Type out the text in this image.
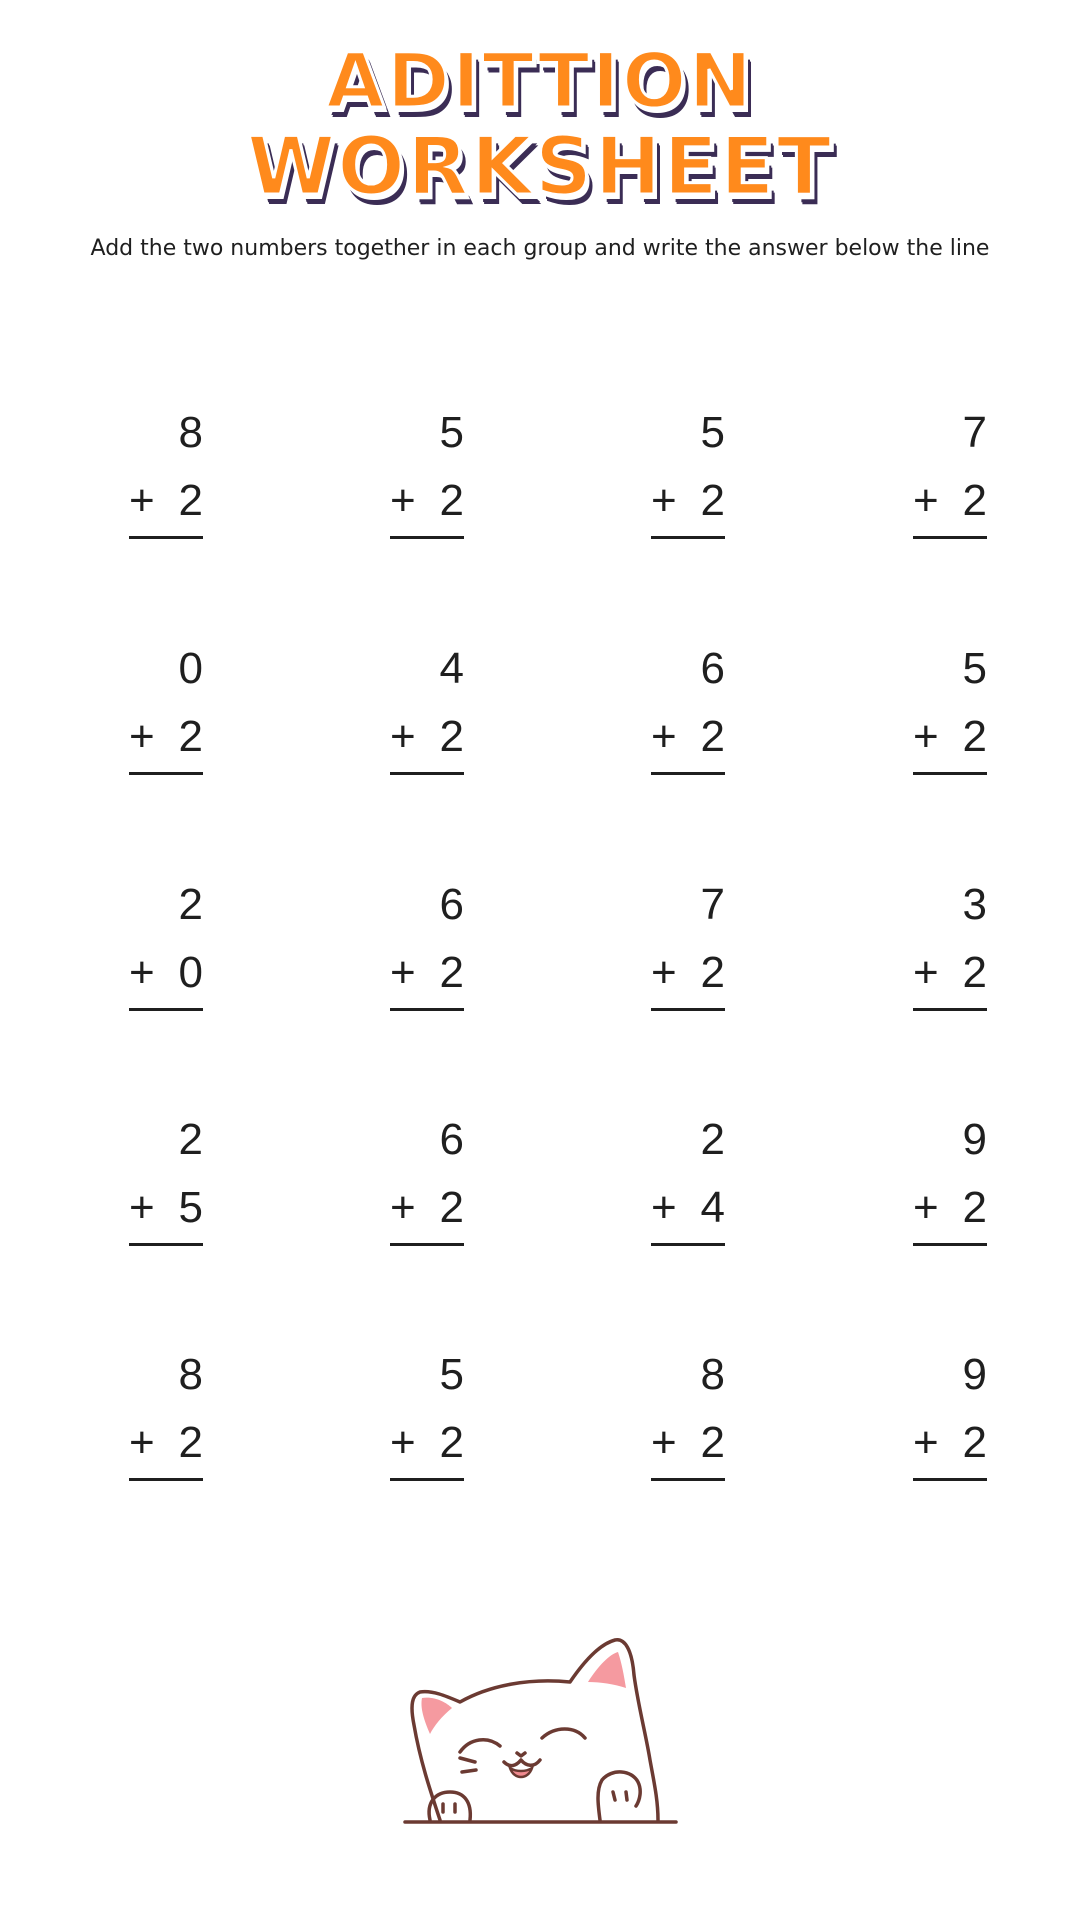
ADITTION
WORKSHEET
Add the two numbers together in each group and write the answer below the line
8
+ 2
5
+ 2
5
+ 2
7
+ 2
0
+ 2
4
+ 2
6
+ 2
5
+ 2
2
+ 0
6
+ 2
7
+ 2
3
+ 2
2
+ 5
6
+ 2
2
+ 4
9
+ 2
8
+ 2
5
+ 2
8
+ 2
9
+ 2
